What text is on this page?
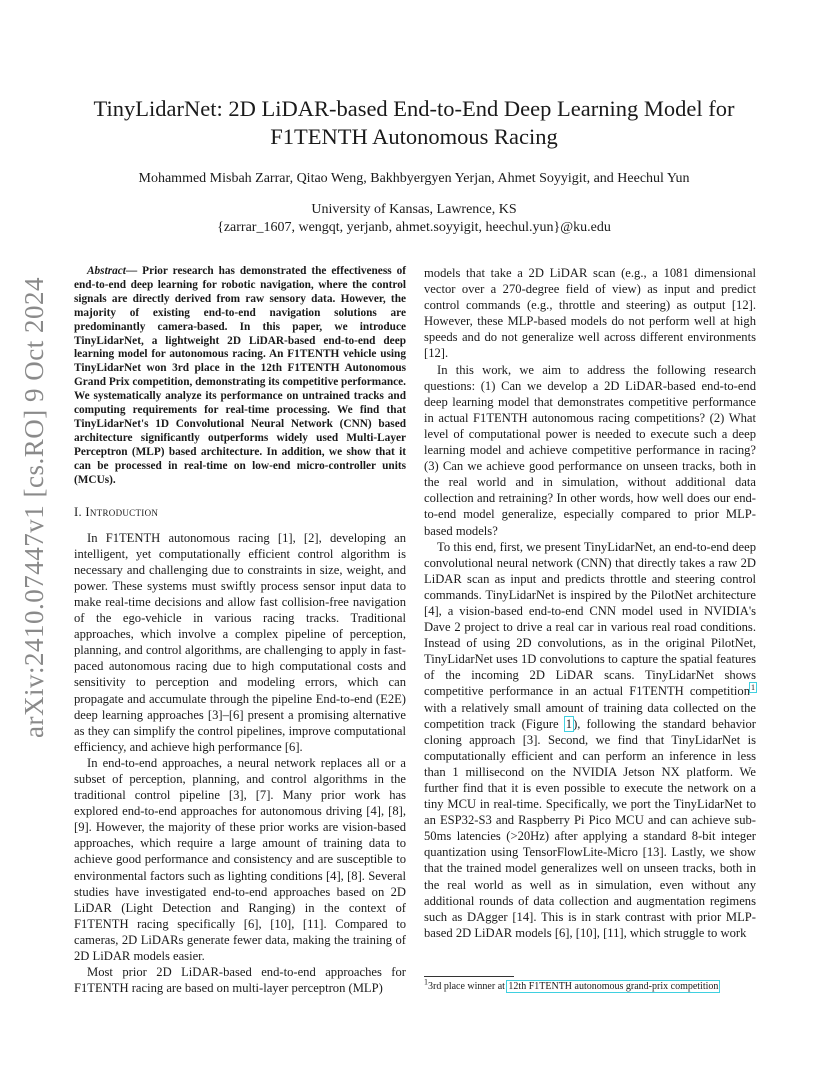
arXiv:2410.07447v1 [cs.RO] 9 Oct 2024
TinyLidarNet: 2D LiDAR-based End-to-End Deep Learning Model for
F1TENTH Autonomous Racing

Mohammed Misbah Zarrar, Qitao Weng, Bakhbyergyen Yerjan, Ahmet Soyyigit, and Heechul Yun

University of Kansas, Lawrence, KS
{zarrar_1607, wengqt, yerjanb, ahmet.soyyigit, heechul.yun}@ku.edu

Abstract— Prior research has demonstrated the effectiveness of end-to-end deep learning for robotic navigation, where the control signals are directly derived from raw sensory data. However, the majority of existing end-to-end navigation solutions are predominantly camera-based. In this paper, we introduce TinyLidarNet, a lightweight 2D LiDAR-based end-to-end deep learning model for autonomous racing. An F1TENTH vehicle using TinyLidarNet won 3rd place in the 12th F1TENTH Autonomous Grand Prix competition, demonstrating its competitive performance. We systematically analyze its performance on untrained tracks and computing requirements for real-time processing. We find that TinyLidarNet's 1D Convolutional Neural Network (CNN) based architecture significantly outperforms widely used Multi-Layer Perceptron (MLP) based architecture. In addition, we show that it can be processed in real-time on low-end micro-controller units (MCUs).

I. Introduction

In F1TENTH autonomous racing [1], [2], developing an intelligent, yet computationally efficient control algorithm is necessary and challenging due to constraints in size, weight, and power. These systems must swiftly process sensor input data to make real-time decisions and allow fast collision-free navigation of the ego-vehicle in various racing tracks. Traditional approaches, which involve a complex pipeline of perception, planning, and control algorithms, are challenging to apply in fast-paced autonomous racing due to high computational costs and sensitivity to perception and modeling errors, which can propagate and accumulate through the pipeline End-to-end (E2E) deep learning approaches [3]–[6] present a promising alternative as they can simplify the control pipelines, improve computational efficiency, and achieve high performance [6].

In end-to-end approaches, a neural network replaces all or a subset of perception, planning, and control algorithms in the traditional control pipeline [3], [7]. Many prior work has explored end-to-end approaches for autonomous driving [4], [8], [9]. However, the majority of these prior works are vision-based approaches, which require a large amount of training data to achieve good performance and consistency and are susceptible to environmental factors such as lighting conditions [4], [8]. Several studies have investigated end-to-end approaches based on 2D LiDAR (Light Detection and Ranging) in the context of F1TENTH racing specifically [6], [10], [11]. Compared to cameras, 2D LiDARs generate fewer data, making the training of 2D LiDAR models easier.

Most prior 2D LiDAR-based end-to-end approaches for F1TENTH racing are based on multi-layer perceptron (MLP)

models that take a 2D LiDAR scan (e.g., a 1081 dimensional vector over a 270-degree field of view) as input and predict control commands (e.g., throttle and steering) as output [12]. However, these MLP-based models do not perform well at high speeds and do not generalize well across different environments [12].

In this work, we aim to address the following research questions: (1) Can we develop a 2D LiDAR-based end-to-end deep learning model that demonstrates competitive performance in actual F1TENTH autonomous racing competitions? (2) What level of computational power is needed to execute such a deep learning model and achieve competitive performance in racing? (3) Can we achieve good performance on unseen tracks, both in the real world and in simulation, without additional data collection and retraining? In other words, how well does our end-to-end model generalize, especially compared to prior MLP-based models?

To this end, first, we present TinyLidarNet, an end-to-end deep convolutional neural network (CNN) that directly takes a raw 2D LiDAR scan as input and predicts throttle and steering control commands. TinyLidarNet is inspired by the PilotNet architecture [4], a vision-based end-to-end CNN model used in NVIDIA's Dave 2 project to drive a real car in various real road conditions. Instead of using 2D convolutions, as in the original PilotNet, TinyLidarNet uses 1D convolutions to capture the spatial features of the incoming 2D LiDAR scans. TinyLidarNet shows competitive performance in an actual F1TENTH competition$^1$ with a relatively small amount of training data collected on the competition track (Figure 1), following the standard behavior cloning approach [3]. Second, we find that TinyLidarNet is computationally efficient and can perform an inference in less than 1 millisecond on the NVIDIA Jetson NX platform. We further find that it is even possible to execute the network on a tiny MCU in real-time. Specifically, we port the TinyLidarNet to an ESP32-S3 and Raspberry Pi Pico MCU and can achieve sub-50ms latencies (>20Hz) after applying a standard 8-bit integer quantization using TensorFlowLite-Micro [13]. Lastly, we show that the trained model generalizes well on unseen tracks, both in the real world as well as in simulation, even without any additional rounds of data collection and augmentation regimens such as DAgger [14]. This is in stark contrast with prior MLP-based 2D LiDAR models [6], [10], [11], which struggle to work

$^1$3rd place winner at 12th F1TENTH autonomous grand-prix competition
